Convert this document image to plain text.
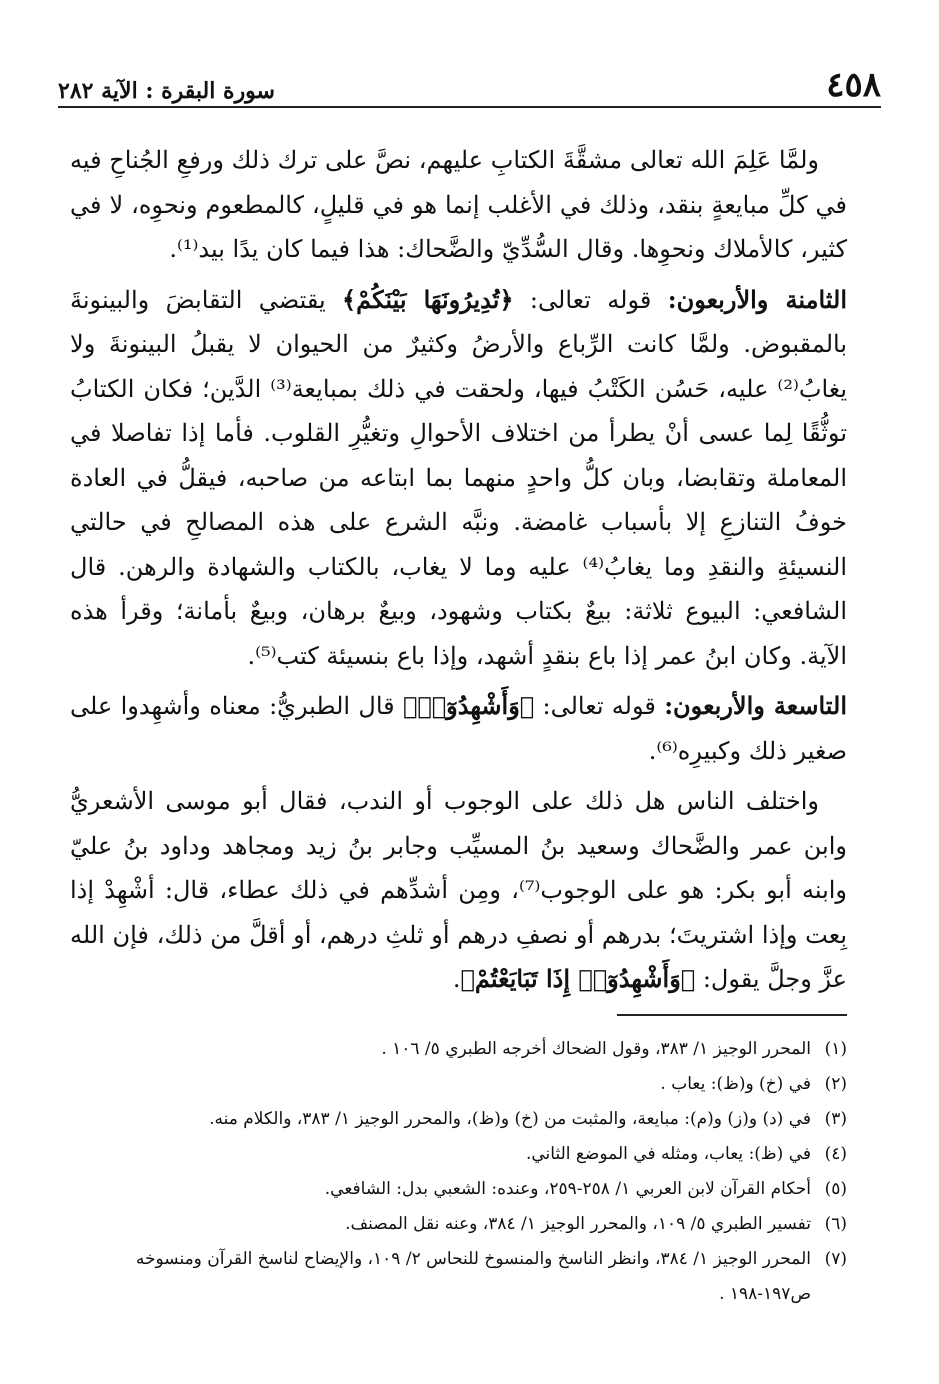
٤٥٨
سورة البقرة : الآية ٢٨٢

ولمَّا عَلِمَ الله تعالى مشقَّةَ الكتابِ عليهم، نصَّ على ترك ذلك ورفعِ الجُناحِ فيه في كلِّ مبايعةٍ بنقد، وذلك في الأغلب إنما هو في قليلٍ، كالمطعوم ونحوِه، لا في كثير، كالأملاك ونحوِها. وقال السُّدِّيّ والضَّحاك: هذا فيما كان يدًا بيد⁽¹⁾.

الثامنة والأربعون: قوله تعالى: ﴿تُدِيرُونَهَا بَيْنَكُمْ﴾ يقتضي التقابضَ والبينونةَ بالمقبوض. ولمَّا كانت الرِّباع والأرضُ وكثيرٌ من الحيوان لا يقبلُ البينونةَ ولا يغابُ⁽²⁾ عليه، حَسُن الكَتْبُ فيها، ولحقت في ذلك بمبايعة⁽³⁾ الدَّين؛ فكان الكتابُ توثُّقًا لِما عسى أنْ يطرأ من اختلاف الأحوالِ وتغيُّرِ القلوب. فأما إذا تفاصلا في المعاملة وتقابضا، وبان كلُّ واحدٍ منهما بما ابتاعه من صاحبه، فيقلُّ في العادة خوفُ التنازعِ إلا بأسباب غامضة. ونبَّه الشرع على هذه المصالحِ في حالتي النسيئةِ والنقدِ وما يغابُ⁽⁴⁾ عليه وما لا يغاب، بالكتاب والشهادة والرهن. قال الشافعي: البيوع ثلاثة: بيعٌ بكتاب وشهود، وبيعٌ برهان، وبيعٌ بأمانة؛ وقرأ هذه الآية. وكان ابنُ عمر إذا باع بنقدٍ أشهد، وإذا باع بنسيئة كتب⁽⁵⁾.

التاسعة والأربعون: قوله تعالى: ﴿وَأَشْهِدُوٓا۟﴾ قال الطبريُّ: معناه وأشهِدوا على صغير ذلك وكبيرِه⁽⁶⁾.

واختلف الناس هل ذلك على الوجوب أو الندب، فقال أبو موسى الأشعريُّ وابن عمر والضَّحاك وسعيد بنُ المسيِّب وجابر بنُ زيد ومجاهد وداود بنُ عليّ وابنه أبو بكر: هو على الوجوب⁽⁷⁾، ومِن أشدِّهم في ذلك عطاء، قال: أشْهِدْ إذا بِعت وإذا اشتريتَ؛ بدرهم أو نصفِ درهم أو ثلثِ درهم، أو أقلَّ من ذلك، فإن الله عزَّ وجلَّ يقول: ﴿وَأَشْهِدُوٓا۟ إِذَا تَبَايَعْتُمْ﴾.

(١)
المحرر الوجيز ١/ ٣٨٣، وقول الضحاك أخرجه الطبري ٥/ ١٠٦ .
(٢)
في (خ) و(ظ): يعاب .
(٣)
في (د) و(ز) و(م): مبايعة، والمثبت من (خ) و(ظ)، والمحرر الوجيز ١/ ٣٨٣، والكلام منه.
(٤)
في (ظ): يعاب، ومثله في الموضع الثاني.
(٥)
أحكام القرآن لابن العربي ١/ ٢٥٨-٢٥٩، وعنده: الشعبي بدل: الشافعي.
(٦)
تفسير الطبري ٥/ ١٠٩، والمحرر الوجيز ١/ ٣٨٤، وعنه نقل المصنف.
(٧)
المحرر الوجيز ١/ ٣٨٤، وانظر الناسخ والمنسوخ للنحاس ٢/ ١٠٩، والإيضاح لناسخ القرآن ومنسوخه ص١٩٧-١٩٨ .
